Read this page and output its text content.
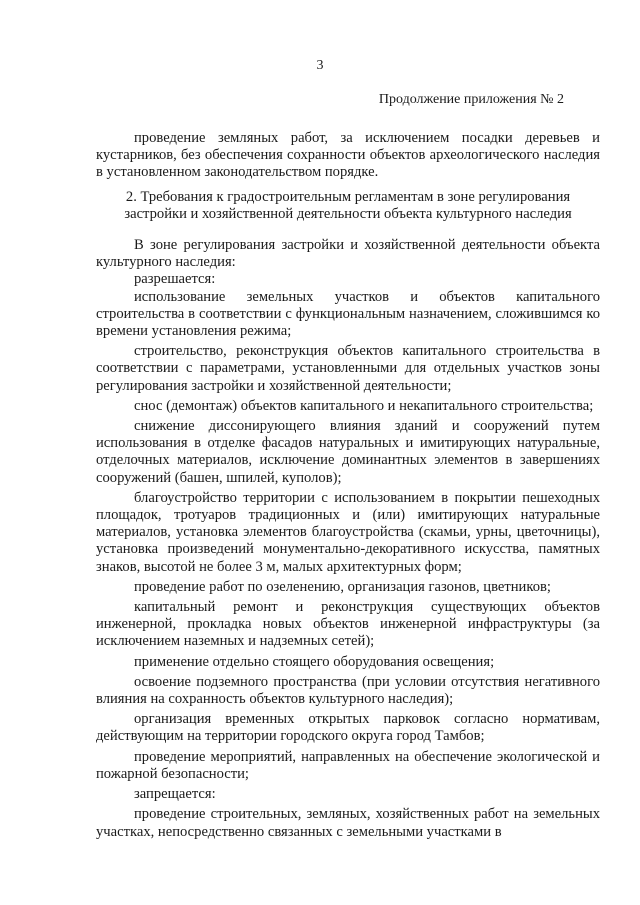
3
Продолжение приложения № 2

проведение земляных работ, за исключением посадки деревьев и кустарников, без обеспечения сохранности объектов археологического наследия в установленном законодательством порядке.

2. Требования к градостроительным регламентам в зоне регулирования застройки и хозяйственной деятельности объекта культурного наследия

В зоне регулирования застройки и хозяйственной деятельности объекта культурного наследия:

разрешается:

использование земельных участков и объектов капитального строительства в соответствии с функциональным назначением, сложившимся ко времени установления режима;

строительство, реконструкция объектов капитального строительства в соответствии с параметрами, установленными для отдельных участков зоны регулирования застройки и хозяйственной деятельности;

снос (демонтаж) объектов капитального и некапитального строительства;

снижение диссонирующего влияния зданий и сооружений путем использования в отделке фасадов натуральных и имитирующих натуральные, отделочных материалов, исключение доминантных элементов в завершениях сооружений (башен, шпилей, куполов);

благоустройство территории с использованием в покрытии пешеходных площадок, тротуаров традиционных и (или) имитирующих натуральные материалов, установка элементов благоустройства (скамьи, урны, цветочницы), установка произведений монументально-декоративного искусства, памятных знаков, высотой не более 3 м, малых архитектурных форм;

проведение работ по озеленению, организация газонов, цветников;

капитальный ремонт и реконструкция существующих объектов инженерной, прокладка новых объектов инженерной инфраструктуры (за исключением наземных и надземных сетей);

применение отдельно стоящего оборудования освещения;

освоение подземного пространства (при условии отсутствия негативного влияния на сохранность объектов культурного наследия);

организация временных открытых парковок согласно нормативам, действующим на территории городского округа город Тамбов;

проведение мероприятий, направленных на обеспечение экологической и пожарной безопасности;

запрещается:

проведение строительных, земляных, хозяйственных работ на земельных участках, непосредственно связанных с земельными участками в
